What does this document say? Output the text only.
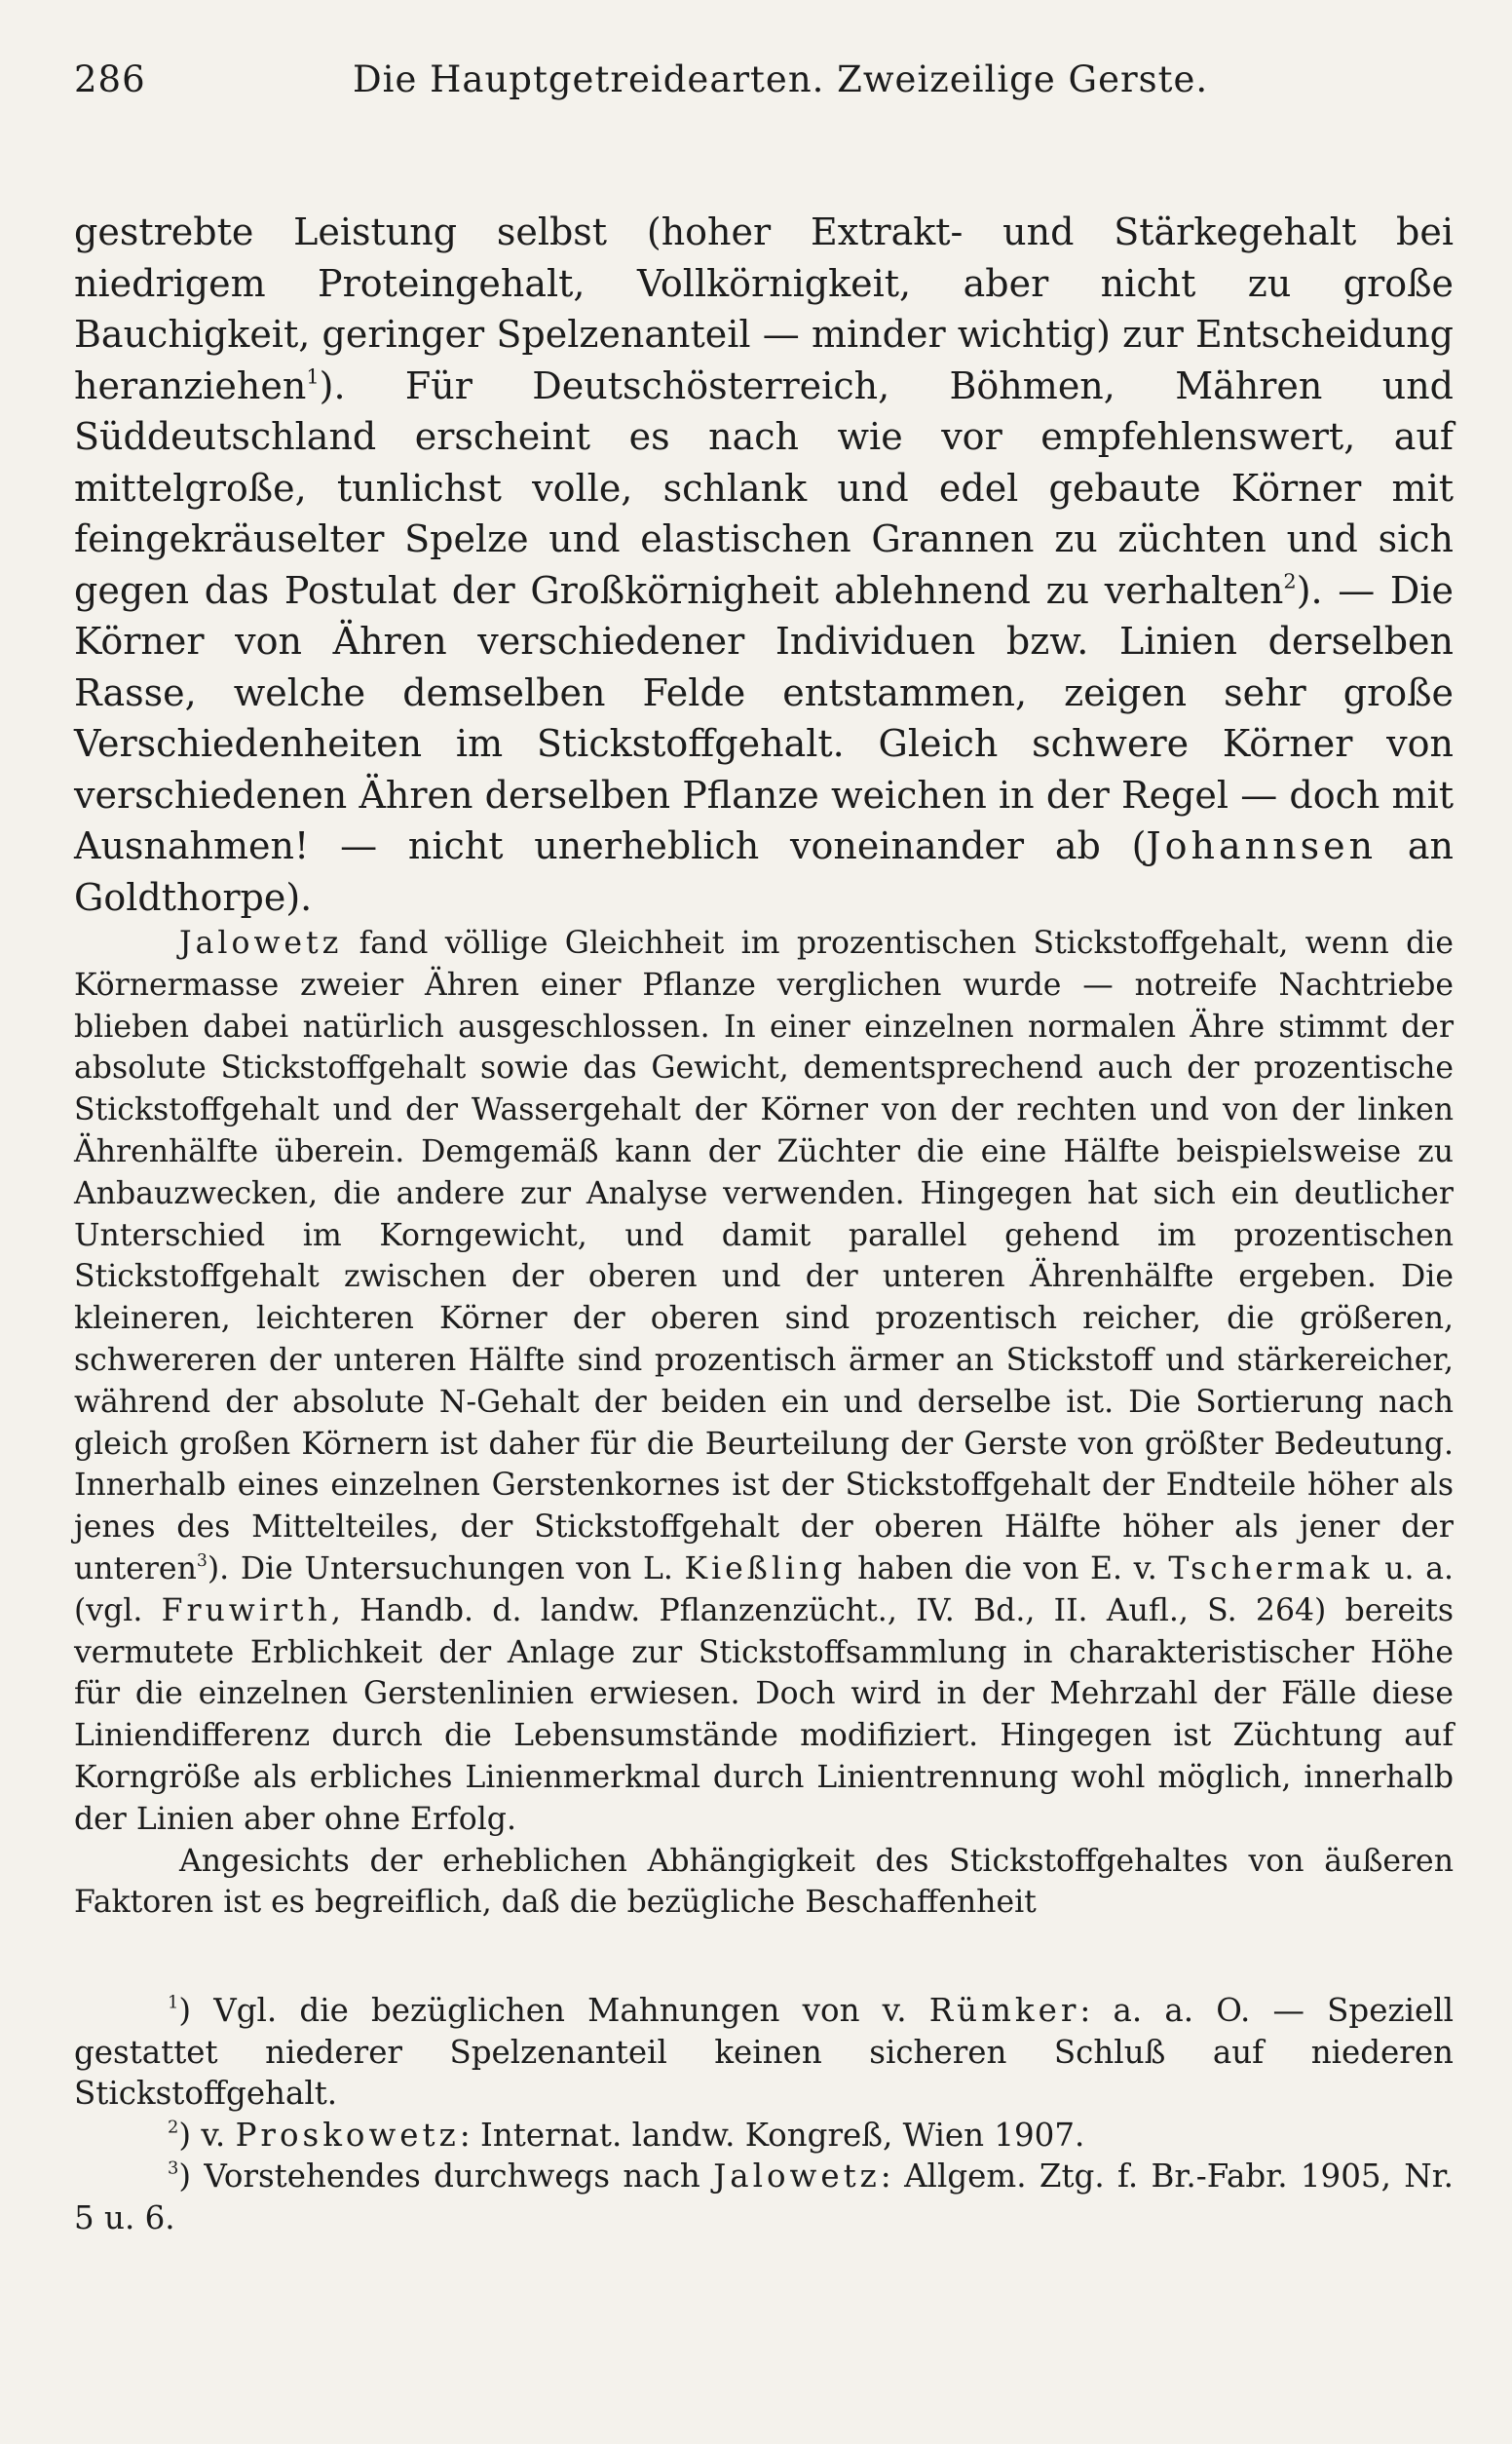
286	Die Hauptgetreidearten. Zweizeilige Gerste.

gestrebte Leistung selbst (hoher Extrakt- und Stärkegehalt bei niedrigem Proteingehalt, Vollkörnigkeit, aber nicht zu große Bauchigkeit, geringer Spelzenanteil — minder wichtig) zur Entscheidung heranziehen$^1$). Für Deutschösterreich, Böhmen, Mähren und Süddeutschland erscheint es nach wie vor empfehlenswert, auf mittelgroße, tunlichst volle, schlank und edel gebaute Körner mit feingekräuselter Spelze und elastischen Grannen zu züchten und sich gegen das Postulat der Großkörnigheit ablehnend zu verhalten$^2$). — Die Körner von Ähren verschiedener Individuen bzw. Linien derselben Rasse, welche demselben Felde entstammen, zeigen sehr große Verschiedenheiten im Stickstoffgehalt. Gleich schwere Körner von verschiedenen Ähren derselben Pflanze weichen in der Regel — doch mit Ausnahmen! — nicht unerheblich voneinander ab (Johannsen an Goldthorpe).

Jalowetz fand völlige Gleichheit im prozentischen Stickstoffgehalt, wenn die Körnermasse zweier Ähren einer Pflanze verglichen wurde — notreife Nachtriebe blieben dabei natürlich ausgeschlossen. In einer einzelnen normalen Ähre stimmt der absolute Stickstoffgehalt sowie das Gewicht, dementsprechend auch der prozentische Stickstoffgehalt und der Wassergehalt der Körner von der rechten und von der linken Ährenhälfte überein. Demgemäß kann der Züchter die eine Hälfte beispielsweise zu Anbauzwecken, die andere zur Analyse verwenden. Hingegen hat sich ein deutlicher Unterschied im Korngewicht, und damit parallel gehend im prozentischen Stickstoffgehalt zwischen der oberen und der unteren Ährenhälfte ergeben. Die kleineren, leichteren Körner der oberen sind prozentisch reicher, die größeren, schwereren der unteren Hälfte sind prozentisch ärmer an Stickstoff und stärkereicher, während der absolute N-Gehalt der beiden ein und derselbe ist. Die Sortierung nach gleich großen Körnern ist daher für die Beurteilung der Gerste von größter Bedeutung. Innerhalb eines einzelnen Gerstenkornes ist der Stickstoffgehalt der Endteile höher als jenes des Mittelteiles, der Stickstoffgehalt der oberen Hälfte höher als jener der unteren$^3$). Die Untersuchungen von L. Kießling haben die von E. v. Tschermak u. a. (vgl. Fruwirth, Handb. d. landw. Pflanzenzücht., IV. Bd., II. Aufl., S. 264) bereits vermutete Erblichkeit der Anlage zur Stickstoffsammlung in charakteristischer Höhe für die einzelnen Gerstenlinien erwiesen. Doch wird in der Mehrzahl der Fälle diese Liniendifferenz durch die Lebensumstände modifiziert. Hingegen ist Züchtung auf Korngröße als erbliches Linienmerkmal durch Linientrennung wohl möglich, innerhalb der Linien aber ohne Erfolg.

Angesichts der erheblichen Abhängigkeit des Stickstoffgehaltes von äußeren Faktoren ist es begreiflich, daß die bezügliche Beschaffenheit

$^1$) Vgl. die bezüglichen Mahnungen von v. Rümker: a. a. O. — Speziell gestattet niederer Spelzenanteil keinen sicheren Schluß auf niederen Stickstoffgehalt.

$^2$) v. Proskowetz: Internat. landw. Kongreß, Wien 1907.

$^3$) Vorstehendes durchwegs nach Jalowetz: Allgem. Ztg. f. Br.-Fabr. 1905, Nr. 5 u. 6.
